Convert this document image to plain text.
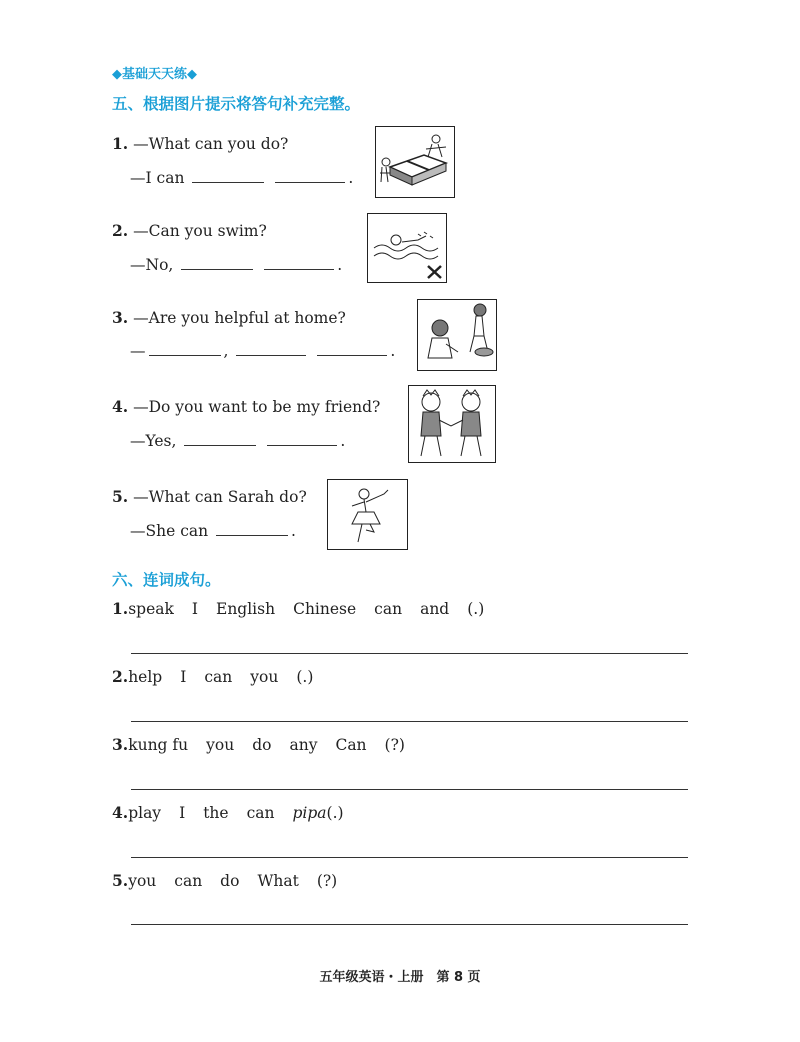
◆基础天天练◆
五、根据图片提示将答句补充完整。
1. —What can you do?
—I can	.
2. —Can you swim?
—No,	.
3. —Are you helpful at home?
—	,	.
4. —Do you want to be my friend?
—Yes,	.
5. —What can Sarah do?
—She can	.
六、连词成句。
1.speak I English Chinese can and (.)
2.help I can you (.)
3.kung fu you do any Can (?)
4.play I the can pipa(.)
5.you can do What (?)
五年级英语・上册　第 8 页
